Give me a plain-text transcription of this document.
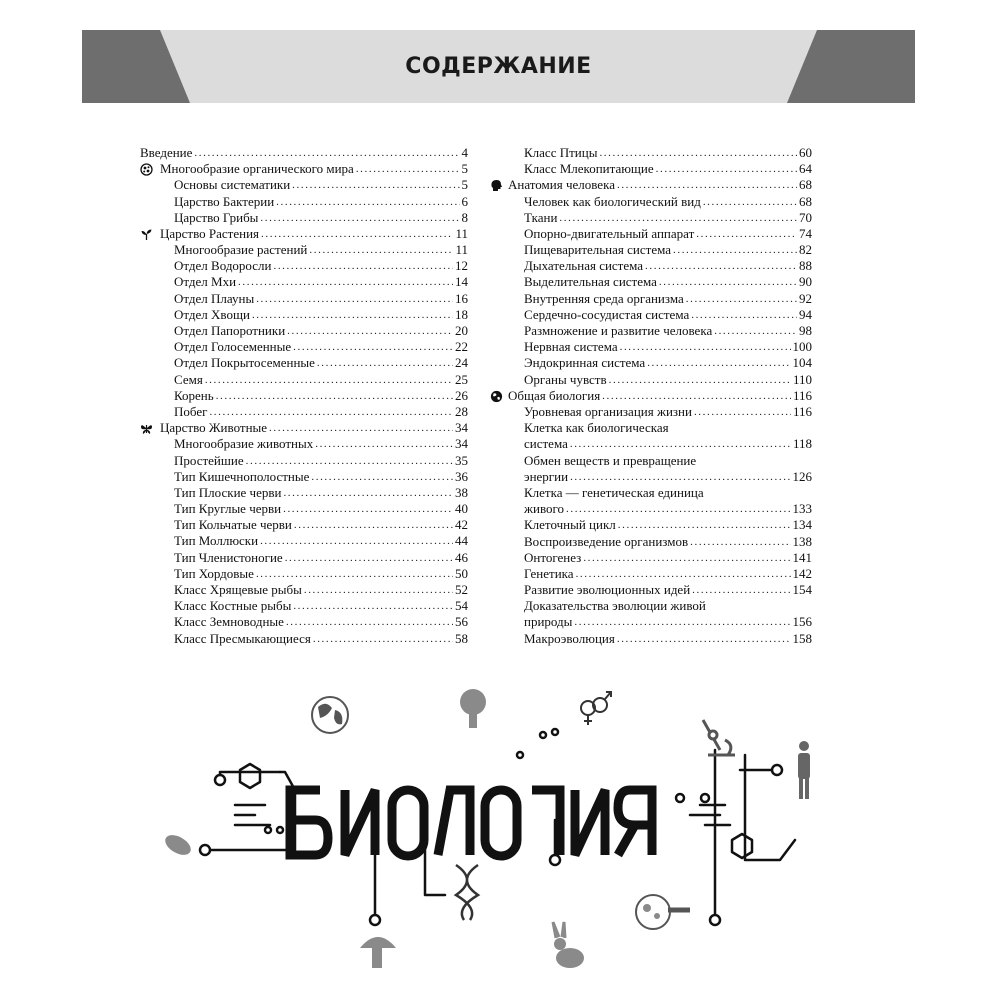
СОДЕРЖАНИЕ
Введение .....	4
Многообразие органического мира .....	5
Основы систематики .....	5
Царство Бактерии .....	6
Царство Грибы .....	8
Царство Растения .....	11
Многообразие растений .....	11
Отдел Водоросли .....	12
Отдел Мхи .....	14
Отдел Плауны .....	16
Отдел Хвощи .....	18
Отдел Папоротники .....	20
Отдел Голосеменные .....	22
Отдел Покрытосеменные .....	24
Семя .....	25
Корень .....	26
Побег .....	28
Царство Животные .....	34
Многообразие животных .....	34
Простейшие .....	35
Тип Кишечнополостные .....	36
Тип Плоские черви .....	38
Тип Круглые черви .....	40
Тип Кольчатые черви .....	42
Тип Моллюски .....	44
Тип Членистоногие .....	46
Тип Хордовые .....	50
Класс Хрящевые рыбы .....	52
Класс Костные рыбы .....	54
Класс Земноводные .....	56
Класс Пресмыкающиеся .....	58
Класс Птицы .....	60
Класс Млекопитающие .....	64
Анатомия человека .....	68
Человек как биологический вид .....	68
Ткани .....	70
Опорно-двигательный аппарат .....	74
Пищеварительная система .....	82
Дыхательная система .....	88
Выделительная система .....	90
Внутренняя среда организма .....	92
Сердечно-сосудистая система .....	94
Размножение и развитие человека .....	98
Нервная система .....	100
Эндокринная система .....	104
Органы чувств .....	110
Общая биология .....	116
Уровневая организация жизни .....	116
Клетка как биологическая
система .....	118
Обмен веществ и превращение
энергии .....	126
Клетка — генетическая единица
живого .....	133
Клеточный цикл .....	134
Воспроизведение организмов .....	138
Онтогенез .....	141
Генетика .....	142
Развитие эволюционных идей .....	154
Доказательства эволюции живой
природы .....	156
Макроэволюция .....	158
